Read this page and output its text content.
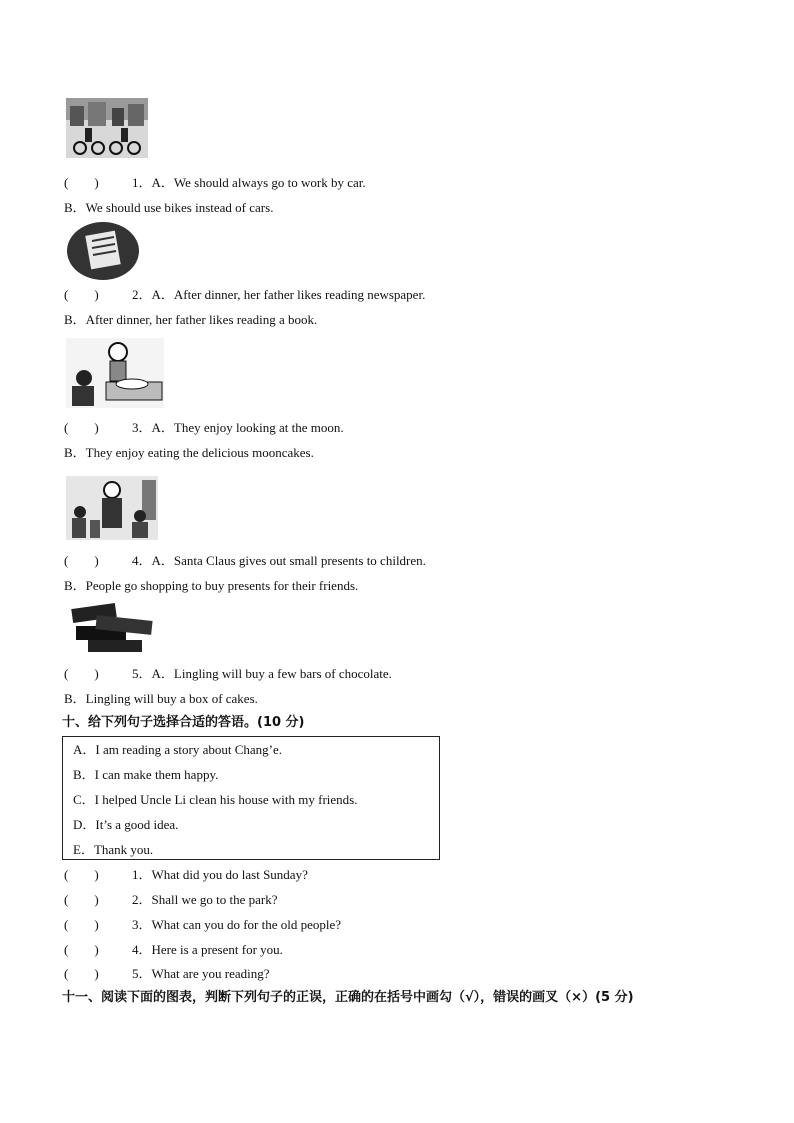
(　　)	1．A．We should always go to work by car.
B．We should use bikes instead of cars.
(　　)	2．A．After dinner, her father likes reading newspaper.
B．After dinner, her father likes reading a book.
(　　)	3．A．They enjoy looking at the moon.
B．They enjoy eating the delicious mooncakes.
(　　)	4．A．Santa Claus gives out small presents to children.
B．People go shopping to buy presents for their friends.
(　　)	5．A．Lingling will buy a few bars of chocolate.
B．Lingling will buy a box of cakes.
十、给下列句子选择合适的答语。(10 分)
A．I am reading a story about Chang’e.
B．I can make them happy.
C．I helped Uncle Li clean his house with my friends.
D．It’s a good idea.
E．Thank you.
(　　)	1．What did you do last Sunday?
(　　)	2．Shall we go to the park?
(　　)	3．What can you do for the old people?
(　　)	4．Here is a present for you.
(　　)	5．What are you reading?
十一、阅读下面的图表，判断下列句子的正误，正确的在括号中画勾（√），错误的画叉（×）(5 分)
